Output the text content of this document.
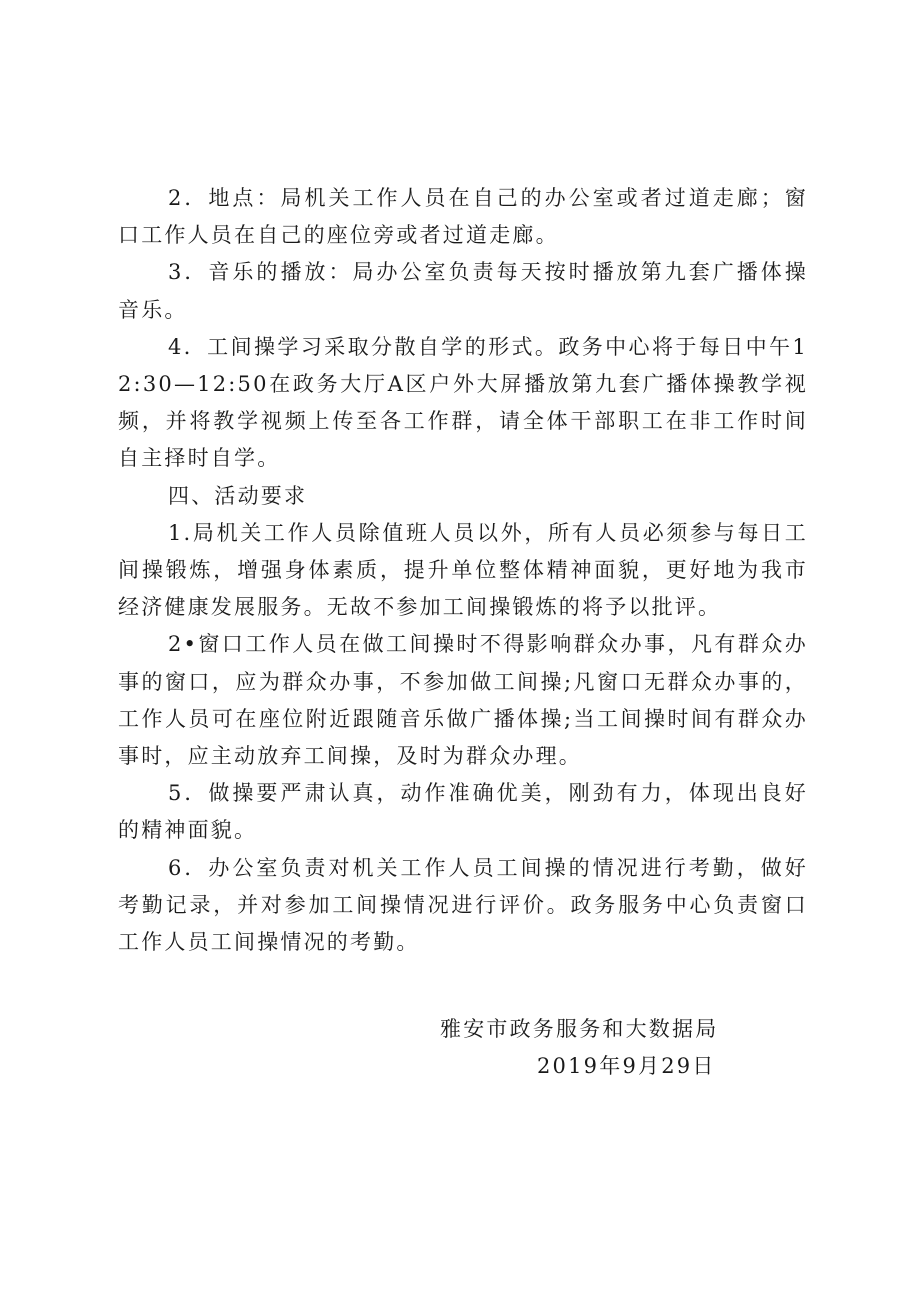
2．地点：局机关工作人员在自己的办公室或者过道走廊；窗口工作人员在自己的座位旁或者过道走廊。

3．音乐的播放：局办公室负责每天按时播放第九套广播体操音乐。

4．工间操学习采取分散自学的形式。政务中心将于每日中午12:30—12:50在政务大厅A区户外大屏播放第九套广播体操教学视频，并将教学视频上传至各工作群，请全体干部职工在非工作时间自主择时自学。

四、活动要求

1.局机关工作人员除值班人员以外，所有人员必须参与每日工间操锻炼，增强身体素质，提升单位整体精神面貌，更好地为我市经济健康发展服务。无故不参加工间操锻炼的将予以批评。

2•窗口工作人员在做工间操时不得影响群众办事，凡有群众办事的窗口，应为群众办事，不参加做工间操;凡窗口无群众办事的，工作人员可在座位附近跟随音乐做广播体操;当工间操时间有群众办事时，应主动放弃工间操，及时为群众办理。

5．做操要严肃认真，动作准确优美，刚劲有力，体现出良好的精神面貌。

6．办公室负责对机关工作人员工间操的情况进行考勤，做好考勤记录，并对参加工间操情况进行评价。政务服务中心负责窗口工作人员工间操情况的考勤。

雅安市政务服务和大数据局
2019年9月29日
